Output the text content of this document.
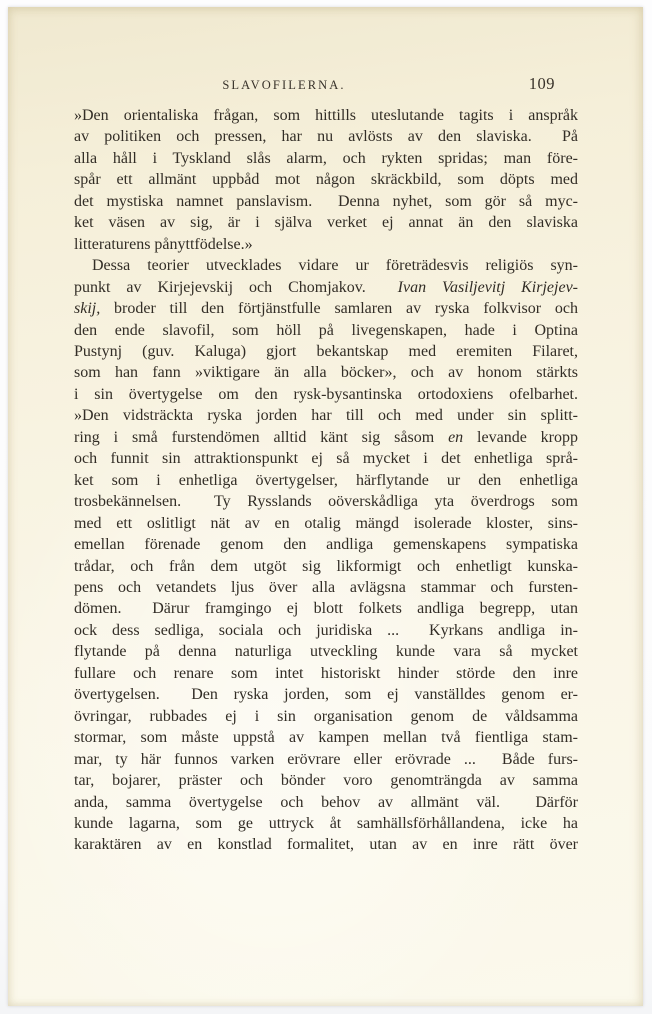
SLAVOFILERNA.	109
»Den orientaliska frågan, som hittills uteslutande tagits i anspråk
av politiken och pressen, har nu avlösts av den slaviska.  På
alla håll i Tyskland slås alarm, och rykten spridas; man före-
spår ett allmänt uppbåd mot någon skräckbild, som döpts med
det mystiska namnet panslavism.  Denna nyhet, som gör så myc-
ket väsen av sig, är i själva verket ej annat än den slaviska
litteraturens pånyttfödelse.»
Dessa teorier utvecklades vidare ur företrädesvis religiös syn-
punkt av Kirjejevskij och Chomjakov.  Ivan Vasiljevitj Kirjejev-
skij, broder till den förtjänstfulle samlaren av ryska folkvisor och
den ende slavofil, som höll på livegenskapen, hade i Optina
Pustynj (guv. Kaluga) gjort bekantskap med eremiten Filaret,
som han fann »viktigare än alla böcker», och av honom stärkts
i sin övertygelse om den rysk-bysantinska ortodoxiens ofelbarhet.
»Den vidsträckta ryska jorden har till och med under sin splitt-
ring i små furstendömen alltid känt sig såsom en levande kropp
och funnit sin attraktionspunkt ej så mycket i det enhetliga språ-
ket som i enhetliga övertygelser, härflytande ur den enhetliga
trosbekännelsen.  Ty Rysslands oöverskådliga yta överdrogs som
med ett oslitligt nät av en otalig mängd isolerade kloster, sins-
emellan förenade genom den andliga gemenskapens sympatiska
trådar, och från dem utgöt sig likformigt och enhetligt kunska-
pens och vetandets ljus över alla avlägsna stammar och fursten-
dömen.  Därur framgingo ej blott folkets andliga begrepp, utan
ock dess sedliga, sociala och juridiska ...  Kyrkans andliga in-
flytande på denna naturliga utveckling kunde vara så mycket
fullare och renare som intet historiskt hinder störde den inre
övertygelsen.  Den ryska jorden, som ej vanställdes genom er-
övringar, rubbades ej i sin organisation genom de våldsamma
stormar, som måste uppstå av kampen mellan två fientliga stam-
mar, ty här funnos varken erövrare eller erövrade ...  Både furs-
tar, bojarer, präster och bönder voro genomträngda av samma
anda, samma övertygelse och behov av allmänt väl.  Därför
kunde lagarna, som ge uttryck åt samhällsförhållandena, icke ha
karaktären av en konstlad formalitet, utan av en inre rätt över
